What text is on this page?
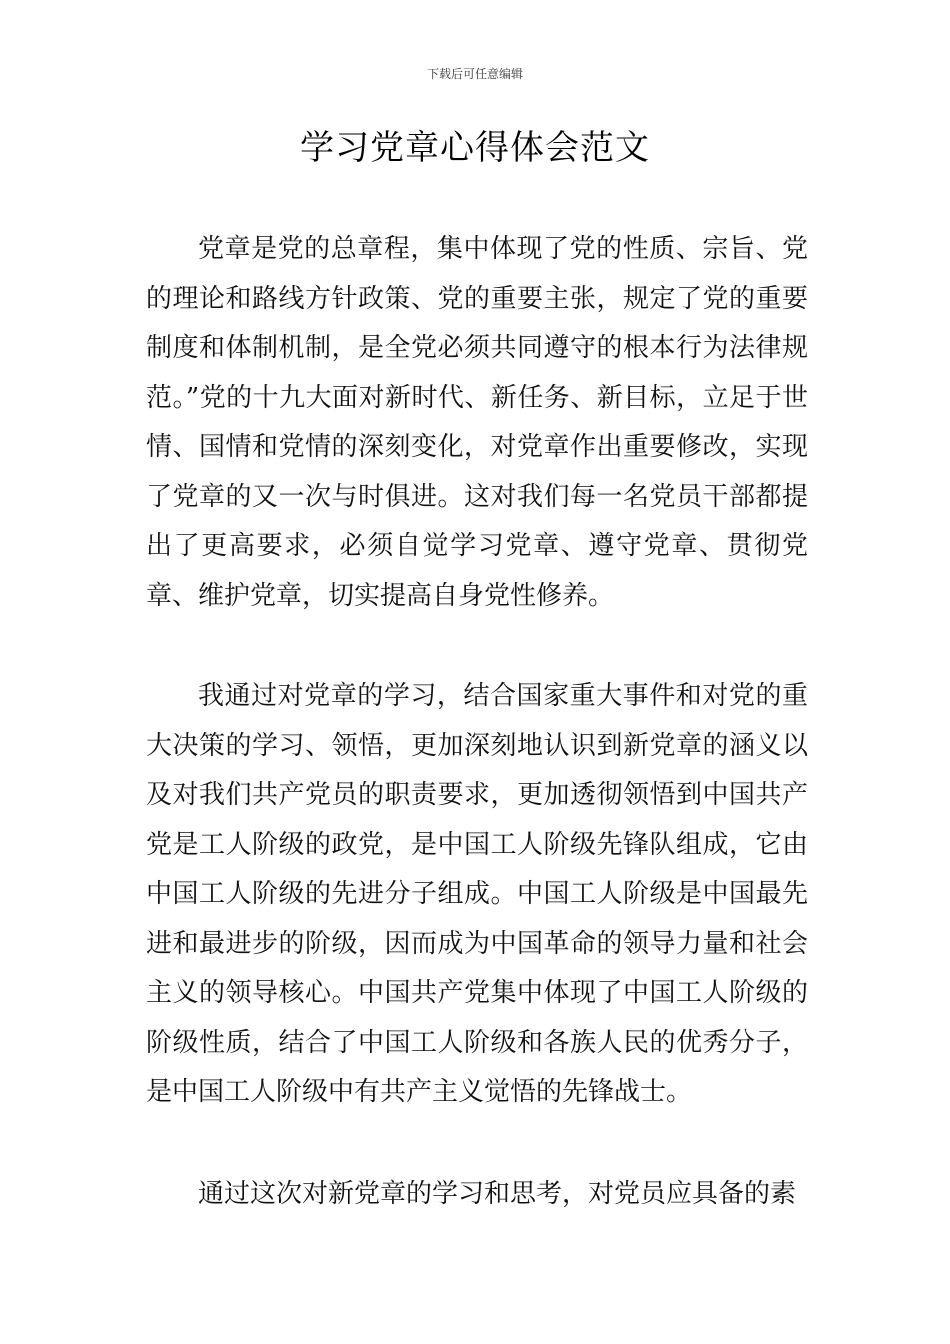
下载后可任意编辑
学习党章心得体会范文

党章是党的总章程，集中体现了党的性质、宗旨、党的理论和路线方针政策、党的重要主张，规定了党的重要制度和体制机制，是全党必须共同遵守的根本行为法律规范。”党的十九大面对新时代、新任务、新目标，立足于世情、国情和党情的深刻变化，对党章作出重要修改，实现了党章的又一次与时俱进。这对我们每一名党员干部都提出了更高要求，必须自觉学习党章、遵守党章、贯彻党章、维护党章，切实提高自身党性修养。

我通过对党章的学习，结合国家重大事件和对党的重大决策的学习、领悟，更加深刻地认识到新党章的涵义以及对我们共产党员的职责要求，更加透彻领悟到中国共产党是工人阶级的政党，是中国工人阶级先锋队组成，它由中国工人阶级的先进分子组成。中国工人阶级是中国最先进和最进步的阶级，因而成为中国革命的领导力量和社会主义的领导核心。中国共产党集中体现了中国工人阶级的阶级性质，结合了中国工人阶级和各族人民的优秀分子，是中国工人阶级中有共产主义觉悟的先锋战士。

通过这次对新党章的学习和思考，对党员应具备的素
